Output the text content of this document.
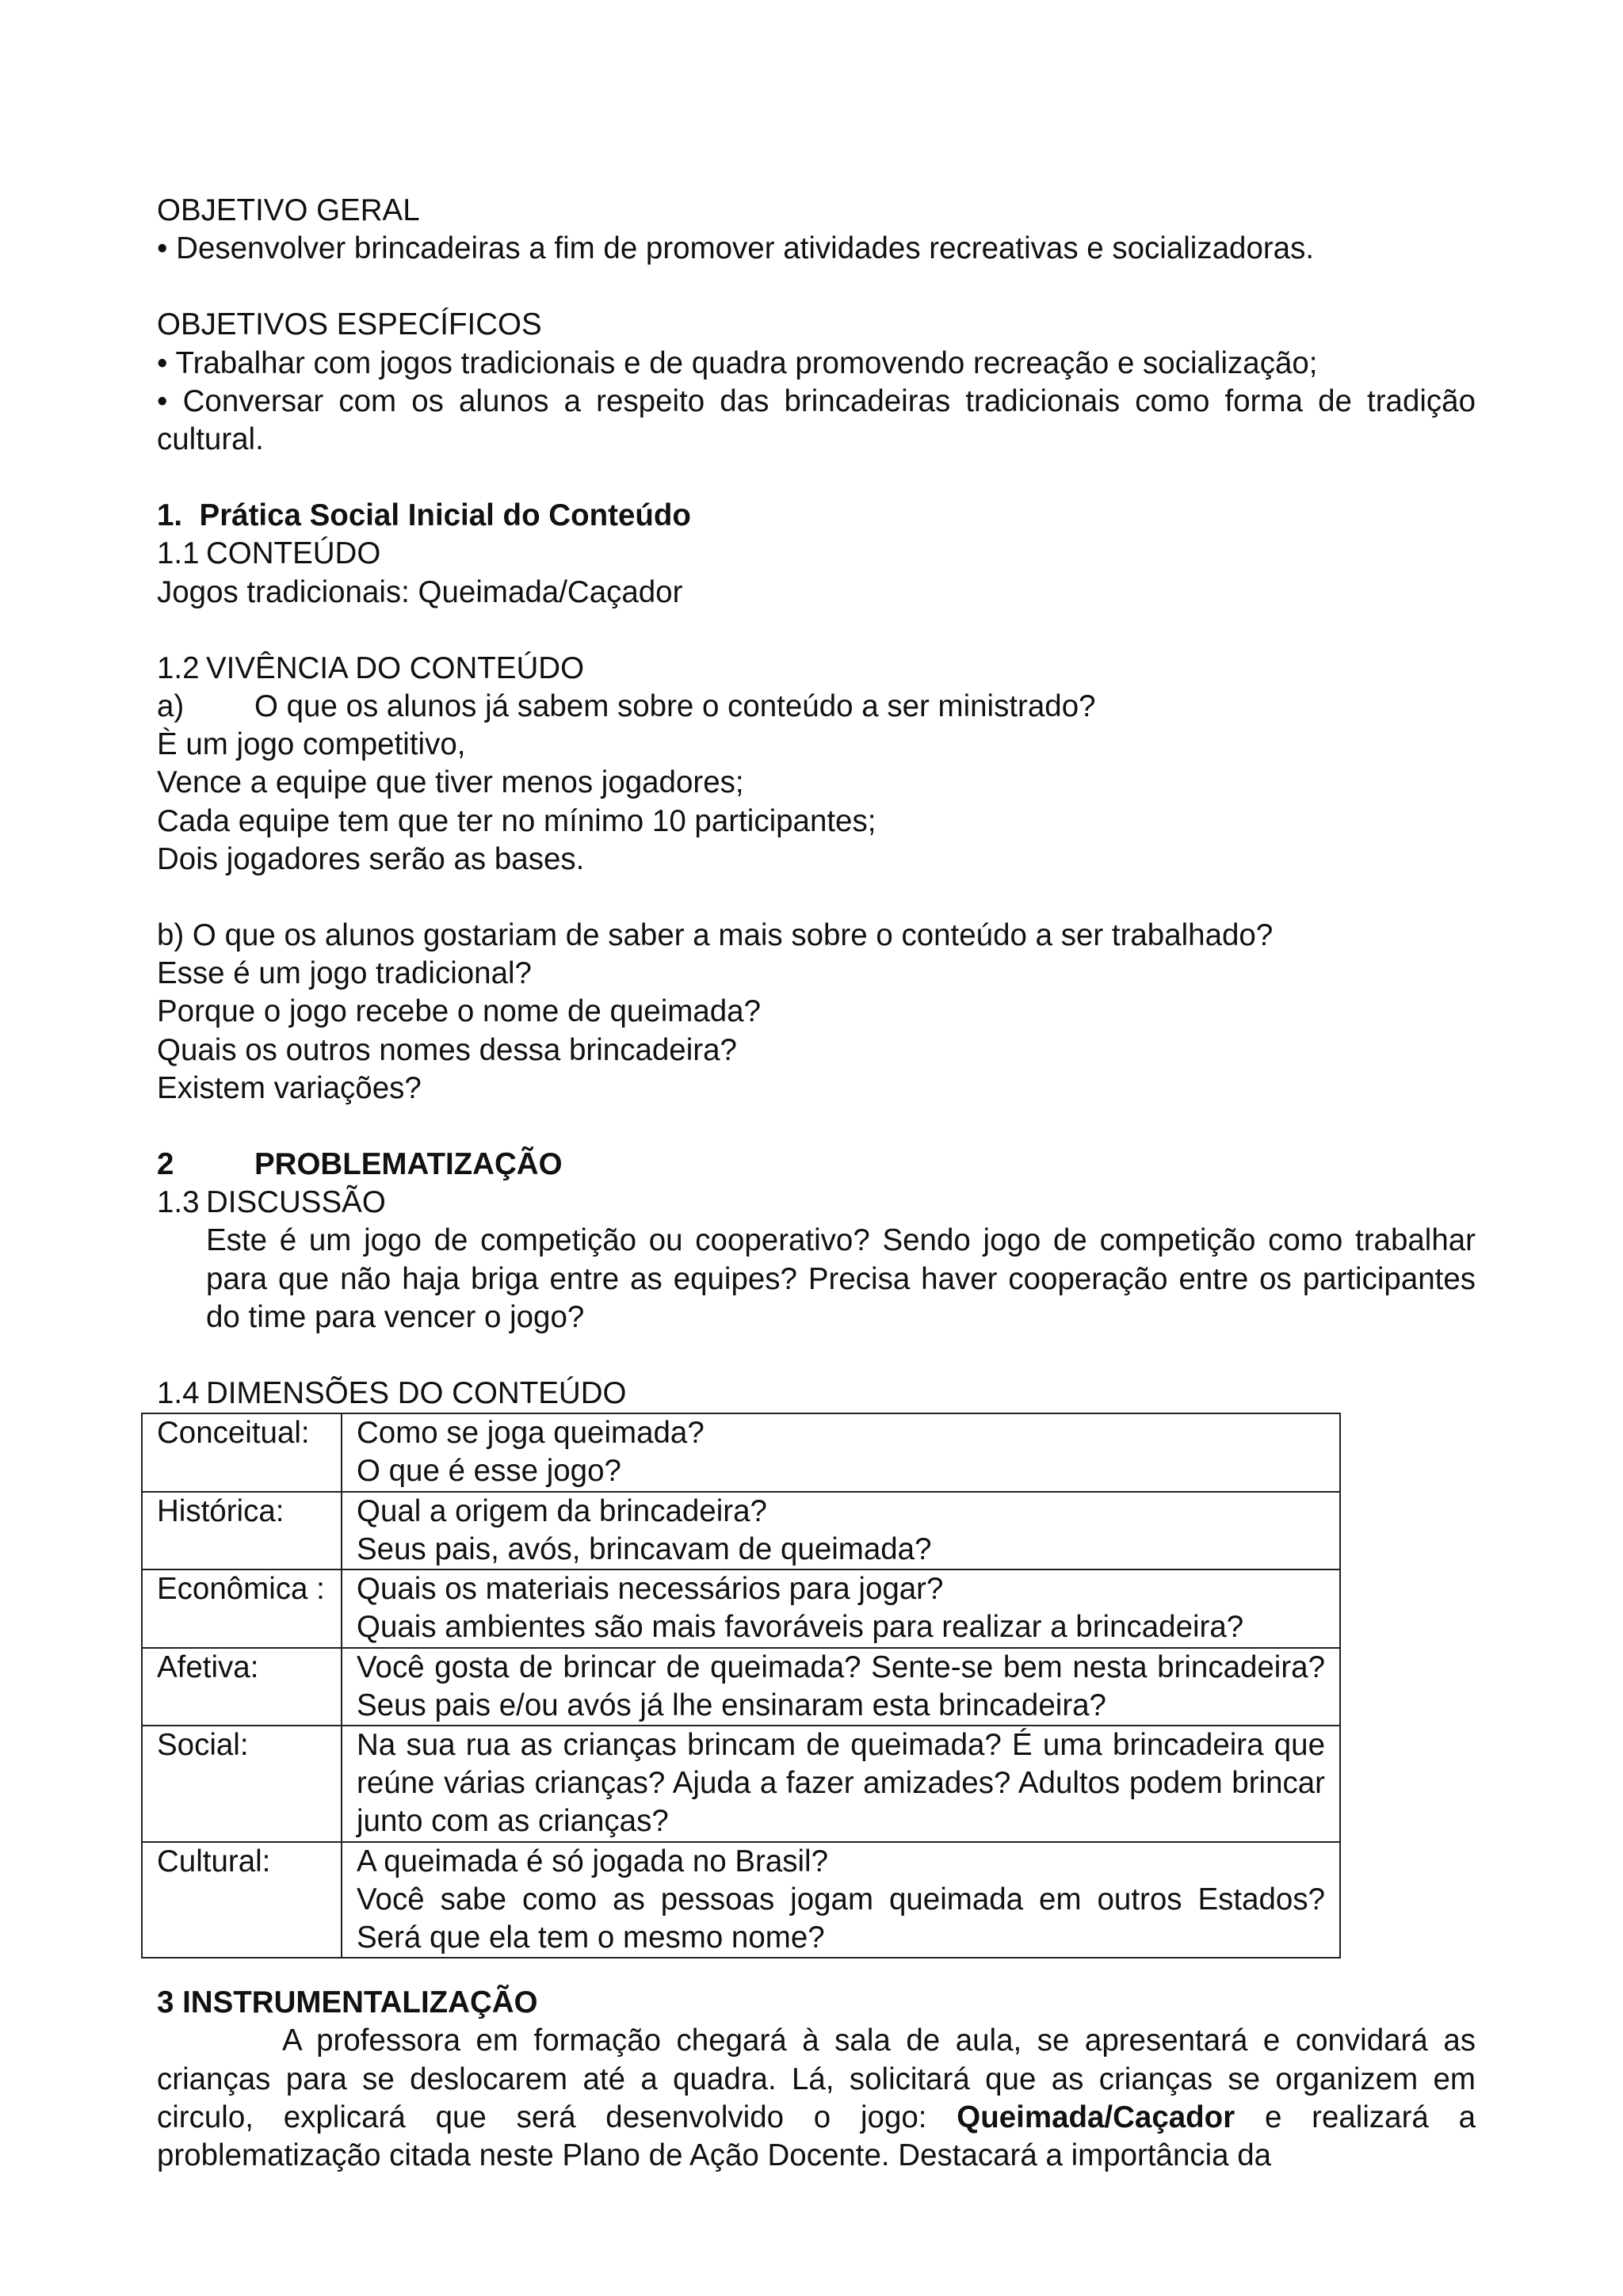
OBJETIVO GERAL

• Desenvolver brincadeiras a fim de promover atividades recreativas e socializadoras.

OBJETIVOS ESPECÍFICOS

• Trabalhar com jogos tradicionais e de quadra promovendo recreação e socialização;

• Conversar com os alunos a respeito das brincadeiras tradicionais como forma de tradição cultural.

1. Prática Social Inicial do Conteúdo

1.1 CONTEÚDO

Jogos tradicionais: Queimada/Caçador

1.2 VIVÊNCIA DO CONTEÚDO

a) O que os alunos já sabem sobre o conteúdo a ser ministrado?

È um jogo competitivo,

Vence a equipe que tiver menos jogadores;

Cada equipe tem que ter no mínimo 10 participantes;

Dois jogadores serão as bases.

b) O que os alunos gostariam de saber a mais sobre o conteúdo a ser trabalhado?

Esse é um jogo tradicional?

Porque o jogo recebe o nome de queimada?

Quais os outros nomes dessa brincadeira?

Existem variações?

2	PROBLEMATIZAÇÃO

1.3 DISCUSSÃO

Este é um jogo de competição ou cooperativo? Sendo jogo de competição como trabalhar para que não haja briga entre as equipes? Precisa haver cooperação entre os participantes do time para vencer o jogo?

1.4 DIMENSÕES DO CONTEÚDO

Conceitual:	Como se joga queimada?
O que é esse jogo?

Histórica:	Qual a origem da brincadeira?
Seus pais, avós, brincavam de queimada?

Econômica :	Quais os materiais necessários para jogar?
Quais ambientes são mais favoráveis para realizar a brincadeira?

Afetiva:	Você gosta de brincar de queimada? Sente-se bem nesta brincadeira? Seus pais e/ou avós já lhe ensinaram esta brincadeira?

Social:	Na sua rua as crianças brincam de queimada? É uma brincadeira que reúne várias crianças? Ajuda a fazer amizades? Adultos podem brincar junto com as crianças?

Cultural:	A queimada é só jogada no Brasil?
Você sabe como as pessoas jogam queimada em outros Estados? Será que ela tem o mesmo nome?

3 INSTRUMENTALIZAÇÃO

A professora em formação chegará à sala de aula, se apresentará e convidará as crianças para se deslocarem até a quadra. Lá, solicitará que as crianças se organizem em circulo, explicará que será desenvolvido o jogo: Queimada/Caçador e realizará a problematização citada neste Plano de Ação Docente. Destacará a importância da
